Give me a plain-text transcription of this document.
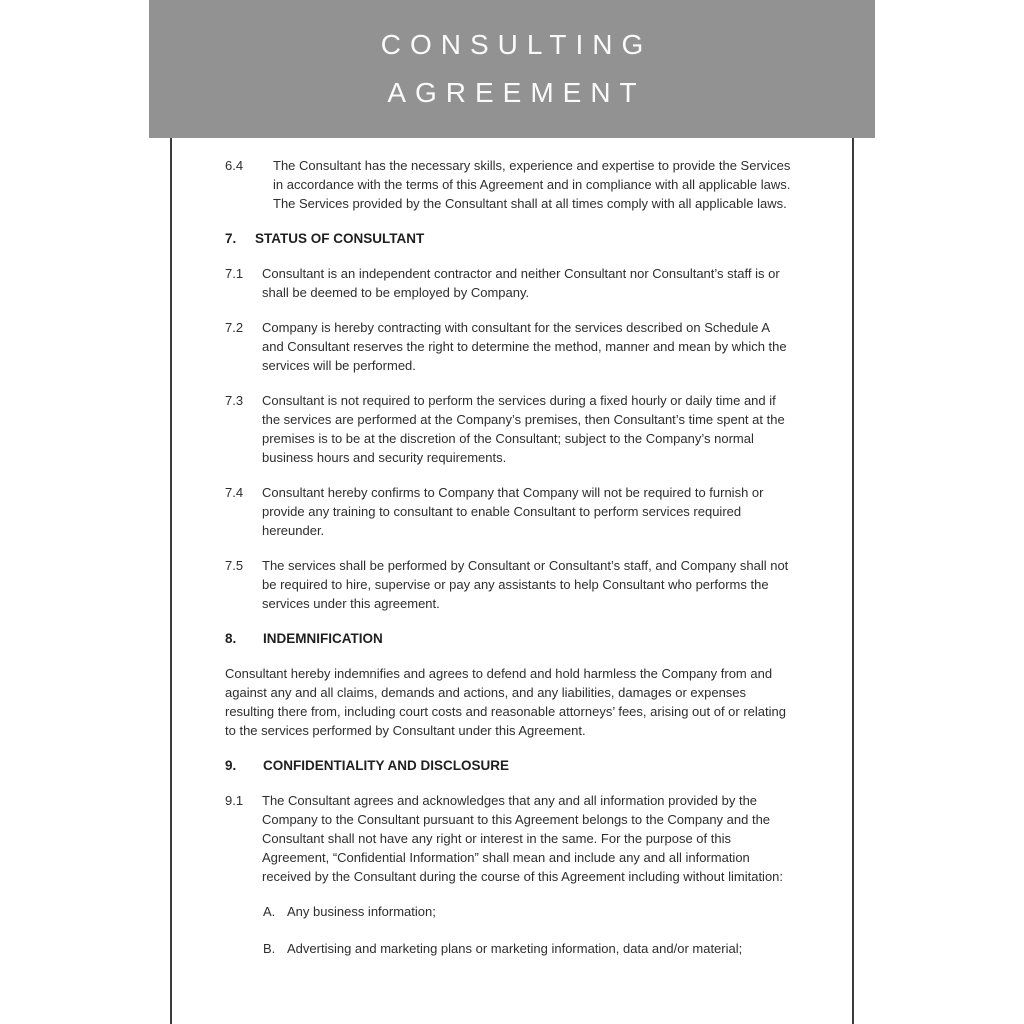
CONSULTING
AGREEMENT
6.4	The Consultant has the necessary skills, experience and expertise to provide the Services in accordance with the terms of this Agreement and in compliance with all applicable laws. The Services provided by the Consultant shall at all times comply with all applicable laws.
7.	STATUS OF CONSULTANT
7.1	Consultant is an independent contractor and neither Consultant nor Consultant’s staff is or shall be deemed to be employed by Company.
7.2	Company is hereby contracting with consultant for the services described on Schedule A and Consultant reserves the right to determine the method, manner and mean by which the services will be performed.
7.3	Consultant is not required to perform the services during a fixed hourly or daily time and if the services are performed at the Company’s premises, then Consultant’s time spent at the premises is to be at the discretion of the Consultant; subject to the Company’s normal business hours and security requirements.
7.4	Consultant hereby confirms to Company that Company will not be required to furnish or provide any training to consultant to enable Consultant to perform services required hereunder.
7.5	The services shall be performed by Consultant or Consultant’s staff, and Company shall not be required to hire, supervise or pay any assistants to help Consultant who performs the services under this agreement.
8.	INDEMNIFICATION
Consultant hereby indemnifies and agrees to defend and hold harmless the Company from and against any and all claims, demands and actions, and any liabilities, damages or expenses resulting there from, including court costs and reasonable attorneys’ fees, arising out of or relating to the services performed by Consultant under this Agreement.
9.	CONFIDENTIALITY AND DISCLOSURE
9.1	The Consultant agrees and acknowledges that any and all information provided by the Company to the Consultant pursuant to this Agreement belongs to the Company and the Consultant shall not have any right or interest in the same. For the purpose of this Agreement, “Confidential Information” shall mean and include any and all information received by the Consultant during the course of this Agreement including without limitation:
A. Any business information;
B. Advertising and marketing plans or marketing information, data and/or material;
